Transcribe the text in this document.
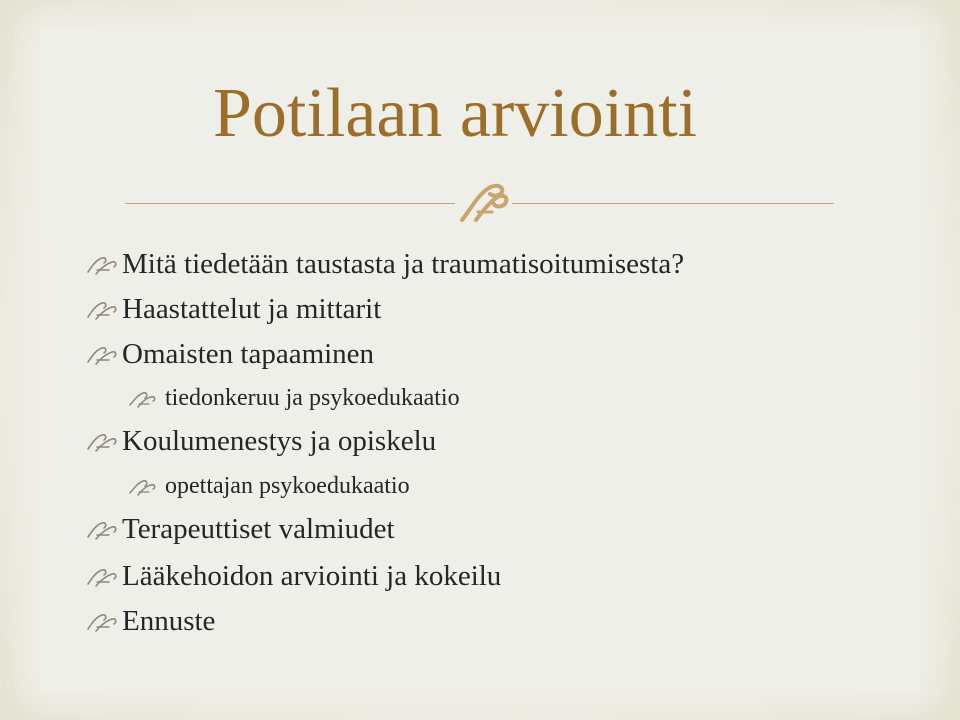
Potilaan arviointi
Mitä tiedetään taustasta ja traumatisoitumisesta?
Haastattelut ja mittarit
Omaisten tapaaminen
tiedonkeruu ja psykoedukaatio
Koulumenestys ja opiskelu
opettajan psykoedukaatio
Terapeuttiset valmiudet
Lääkehoidon arviointi ja kokeilu
Ennuste
